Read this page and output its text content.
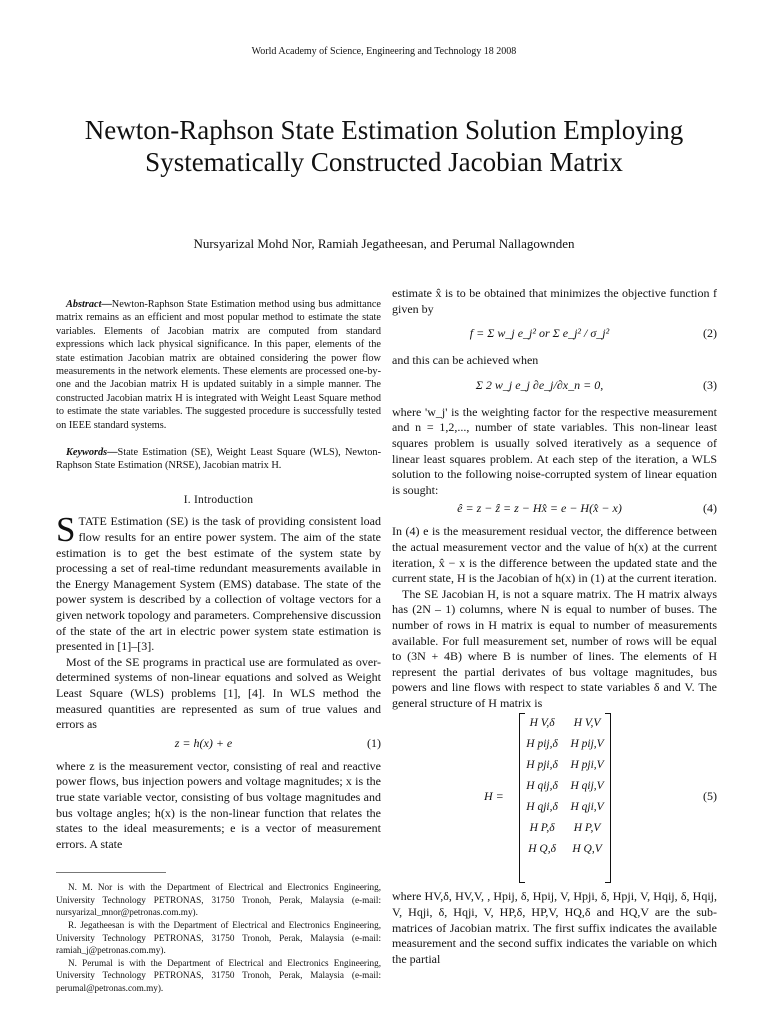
World Academy of Science, Engineering and Technology 18 2008
Newton-Raphson State Estimation Solution Employing Systematically Constructed Jacobian Matrix
Nursyarizal Mohd Nor, Ramiah Jegatheesan, and Perumal Nallagownden

Abstract—Newton-Raphson State Estimation method using bus admittance matrix remains as an efficient and most popular method to estimate the state variables. Elements of Jacobian matrix are computed from standard expressions which lack physical significance. In this paper, elements of the state estimation Jacobian matrix are obtained considering the power flow measurements in the network elements. These elements are processed one-by-one and the Jacobian matrix H is updated suitably in a simple manner. The constructed Jacobian matrix H is integrated with Weight Least Square method to estimate the state variables. The suggested procedure is successfully tested on IEEE standard systems.

Keywords—State Estimation (SE), Weight Least Square (WLS), Newton-Raphson State Estimation (NRSE), Jacobian matrix H.

I. Introduction

STATE Estimation (SE) is the task of providing consistent load flow results for an entire power system. The aim of the state estimation is to get the best estimate of the system state by processing a set of real-time redundant measurements available in the Energy Management System (EMS) database. The state of the power system is described by a collection of voltage vectors for a given network topology and parameters. Comprehensive discussion of the state of the art in electric power system state estimation is presented in [1]–[3].

Most of the SE programs in practical use are formulated as over-determined systems of non-linear equations and solved as Weight Least Square (WLS) problems [1], [4]. In WLS method the measured quantities are represented as sum of true values and errors as

z = h(x) + e	(1)

where z is the measurement vector, consisting of real and reactive power flows, bus injection powers and voltage magnitudes; x is the true state variable vector, consisting of bus voltage magnitudes and bus voltage angles; h(x) is the non-linear function that relates the states to the ideal measurements; e is a vector of measurement errors. A state

N. M. Nor is with the Department of Electrical and Electronics Engineering, University Technology PETRONAS, 31750 Tronoh, Perak, Malaysia (e-mail: nursyarizal_mnor@petronas.com.my).

R. Jegatheesan is with the Department of Electrical and Electronics Engineering, University Technology PETRONAS, 31750 Tronoh, Perak, Malaysia (e-mail: ramiah_j@petronas.com.my).

N. Perumal is with the Department of Electrical and Electronics Engineering, University Technology PETRONAS, 31750 Tronoh, Perak, Malaysia (e-mail: perumal@petronas.com.my).

estimate x̂ is to be obtained that minimizes the objective function f given by

f = Σ w_j e_j² or Σ e_j² / σ_j²	(2)

and this can be achieved when

Σ 2 w_j e_j ∂e_j/∂x_n = 0,	(3)

where 'w_j' is the weighting factor for the respective measurement and n = 1,2,..., number of state variables. This non-linear least squares problem is usually solved iteratively as a sequence of linear least squares problem. At each step of the iteration, a WLS solution to the following noise-corrupted system of linear equation is sought:

ê = z − ẑ = z − Hx̂ = e − H(x̂ − x)	(4)

In (4) e is the measurement residual vector, the difference between the actual measurement vector and the value of h(x) at the current iteration, x̂ − x is the difference between the updated state and the current state, H is the Jacobian of h(x) in (1) at the current iteration.

The SE Jacobian H, is not a square matrix. The H matrix always has (2N – 1) columns, where N is equal to number of buses. The number of rows in H matrix is equal to number of measurements available. For full measurement set, number of rows will be equal to (3N + 4B) where B is number of lines. The elements of H represent the partial derivates of bus voltage magnitudes, bus powers and line flows with respect to state variables δ and V. The general structure of H matrix is

H =
H V,δ H V,V
H pij,δ H pij,V
H pji,δ H pji,V
H qij,δ H qij,V
H qji,δ H qji,V
H P,δ H P,V
H Q,δ H Q,V
(5)

where HV,δ, HV,V, , Hpij, δ, Hpij, V, Hpji, δ, Hpji, V, Hqij, δ, Hqij, V, Hqji, δ, Hqji, V, HP,δ, HP,V, HQ,δ and HQ,V are the sub-matrices of Jacobian matrix. The first suffix indicates the available measurement and the second suffix indicates the variable on which the partial
